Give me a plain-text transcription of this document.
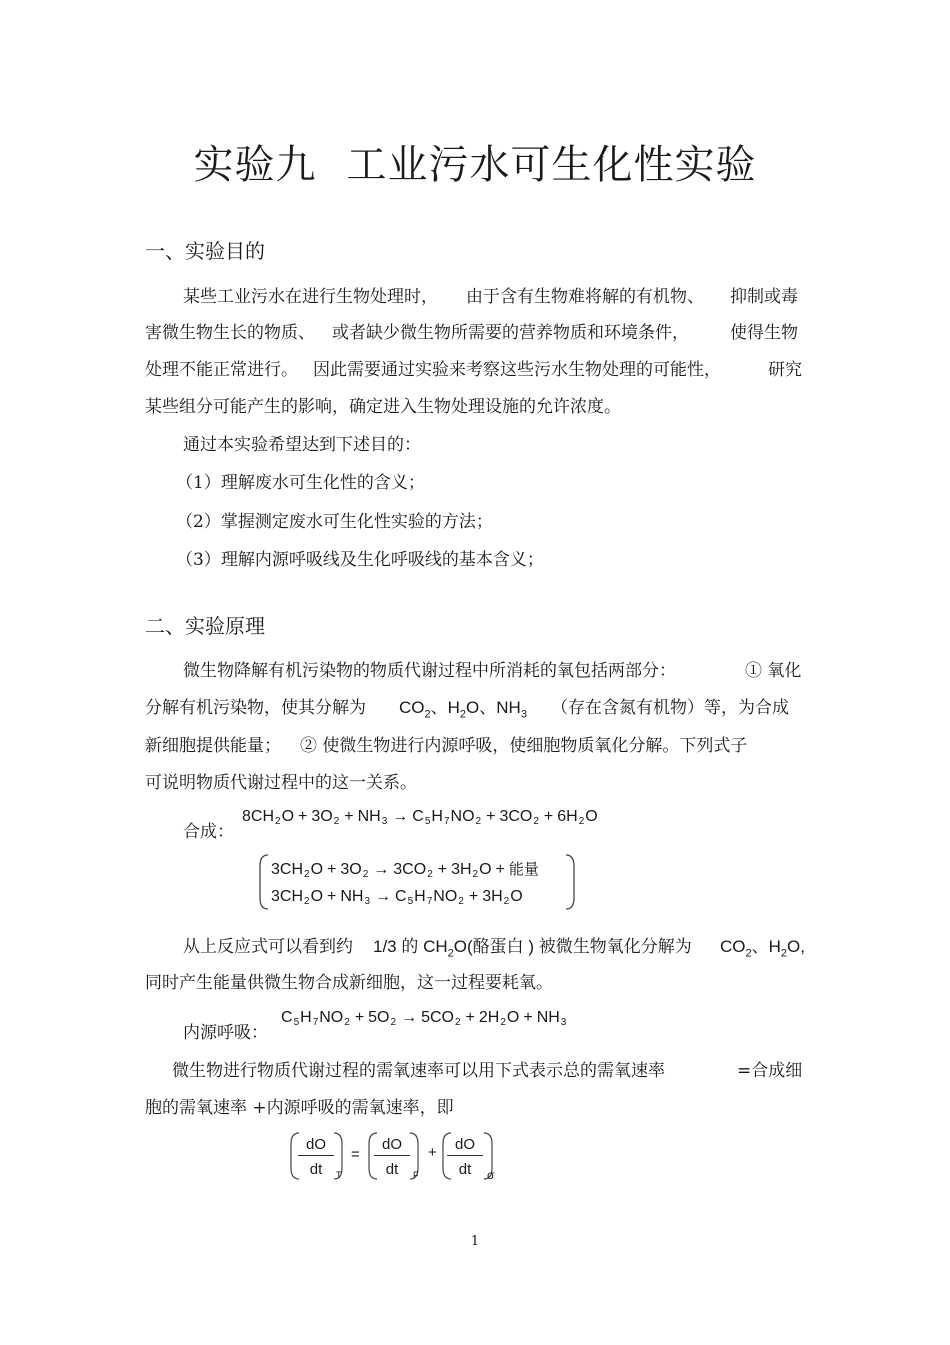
实验九 工业污水可生化性实验
一、实验目的
某些工业污水在进行生物处理时， 由于含有生物难将解的有机物、 抑制或毒
害微生物生长的物质、 或者缺少微生物所需要的营养物质和环境条件， 使得生物
处理不能正常进行。 因此需要通过实验来考察这些污水生物处理的可能性，	研究
某些组分可能产生的影响，确定进入生物处理设施的允许浓度。
通过本实验希望达到下述目的：
（1）理解废水可生化性的含义；
（2）掌握测定废水可生化性实验的方法；
（3）理解内源呼吸线及生化呼吸线的基本含义；
二、实验原理
微生物降解有机污染物的物质代谢过程中所消耗的氧包括两部分：	① 氧化
分解有机污染物，使其分解为 $CO_2$、$H_2O$、$NH_3$ （存在含氮有机物）等，为合成
新细胞提供能量； ② 使微生物进行内源呼吸，使细胞物质氧化分解。下列式子
可说明物质代谢过程中的这一关系。
合成：
$8CH_2O + 3O_2 + NH_3 \to C_5H_7NO_2 + 3CO_2 + 6H_2O$
$3CH_2O + 3O_2 \to 3CO_2 + 3H_2O$ + 能量
$3CH_2O + NH_3 \to C_5H_7NO_2 + 3H_2O$
从上反应式可以看到约 1/3 的 $CH_2O$(酪蛋白 ) 被微生物氧化分解为 $CO_2$、$H_2O$,
同时产生能量供微生物合成新细胞，这一过程要耗氧。
内源呼吸：
$C_5H_7NO_2 + 5O_2 \to 5CO_2 + 2H_2O + NH_3$
微生物进行物质代谢过程的需氧速率可以用下式表示总的需氧速率	=合成细
胞的需氧速率 +内源呼吸的需氧速率，即
$\frac{dO}{dt}$ T
= $\frac{dO}{dt}$ F
+ $\frac{dO}{dt}$ σ
1
